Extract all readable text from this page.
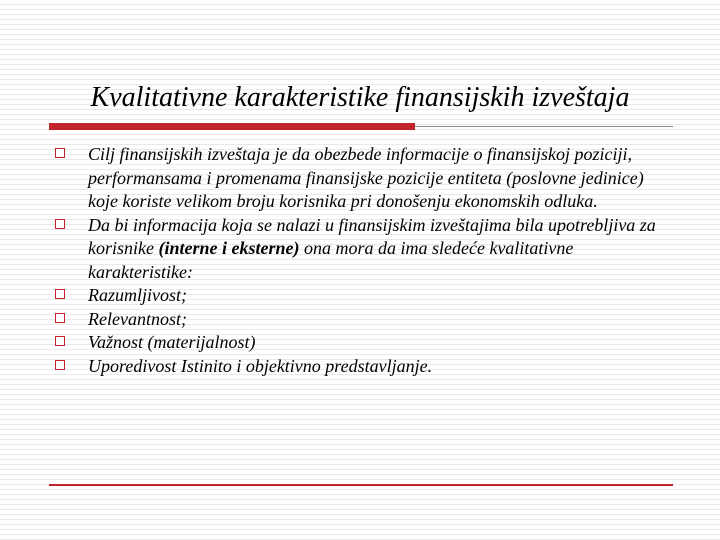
Kvalitativne karakteristike finansijskih izveštaja
Cilj finansijskih izveštaja je da obezbede informacije o finansijskoj poziciji, performansama i promenama finansijske pozicije entiteta (poslovne jedinice) koje koriste velikom broju korisnika pri donošenju ekonomskih odluka.
Da bi informacija koja se nalazi u finansijskim izveštajima bila upotrebljiva za korisnike (interne i eksterne) ona mora da ima sledeće kvalitativne karakteristike:
Razumljivost;
Relevantnost;
Važnost (materijalnost)
Uporedivost Istinito i objektivno predstavljanje.
